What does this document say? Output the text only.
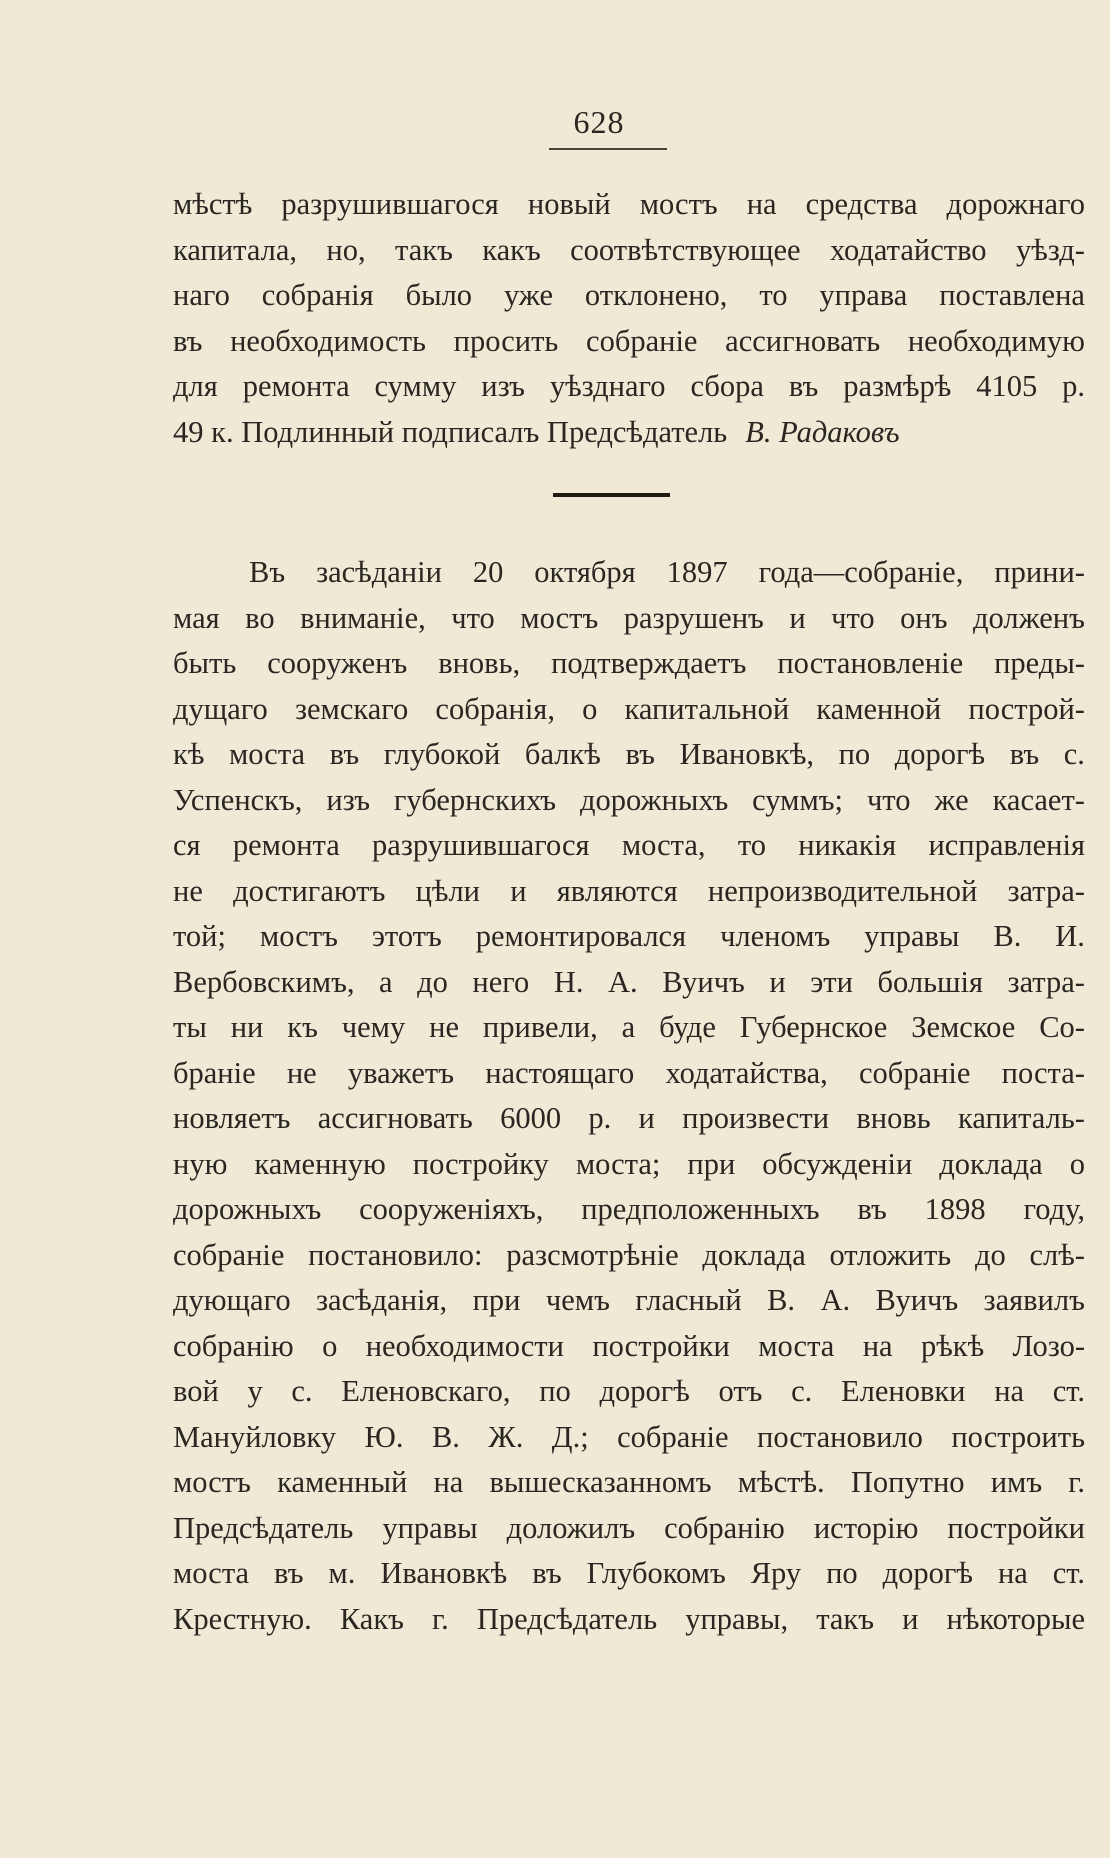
628
мѣстѣ разрушившагося новый мостъ на средства дорожнаго
капитала, но, такъ какъ соотвѣтствующее ходатайство уѣзд-
наго собранія было уже отклонено, то управа поставлена
въ необходимость просить собраніе ассигновать необходимую
для ремонта сумму изъ уѣзднаго сбора въ размѣрѣ 4105 р.
49 к. Подлинный подписалъ Предсѣдатель В. Радаковъ
Въ засѣданіи 20 октября 1897 года—собраніе, прини-
мая во вниманіе, что мостъ разрушенъ и что онъ долженъ
быть сооруженъ вновь, подтверждаетъ постановленіе преды-
дущаго земскаго собранія, о капитальной каменной построй-
кѣ моста въ глубокой балкѣ въ Ивановкѣ, по дорогѣ въ с.
Успенскъ, изъ губернскихъ дорожныхъ суммъ; что же касает-
ся ремонта разрушившагося моста, то никакія исправленія
не достигаютъ цѣли и являются непроизводительной затра-
той; мостъ этотъ ремонтировался членомъ управы В. И.
Вербовскимъ, а до него Н. А. Вуичъ и эти большія затра-
ты ни къ чему не привели, а буде Губернское Земское Со-
браніе не уважетъ настоящаго ходатайства, собраніе поста-
новляетъ ассигновать 6000 р. и произвести вновь капиталь-
ную каменную постройку моста; при обсужденіи доклада о
дорожныхъ сооруженіяхъ, предположенныхъ въ 1898 году,
собраніе постановило: разсмотрѣніе доклада отложить до слѣ-
дующаго засѣданія, при чемъ гласный В. А. Вуичъ заявилъ
собранію о необходимости постройки моста на рѣкѣ Лозо-
вой у с. Еленовскаго, по дорогѣ отъ с. Еленовки на ст.
Мануйловку Ю. В. Ж. Д.; собраніе постановило построить
мостъ каменный на вышесказанномъ мѣстѣ. Попутно имъ г.
Предсѣдатель управы доложилъ собранію исторію постройки
моста въ м. Ивановкѣ въ Глубокомъ Яру по дорогѣ на ст.
Крестную. Какъ г. Предсѣдатель управы, такъ и нѣкоторые
